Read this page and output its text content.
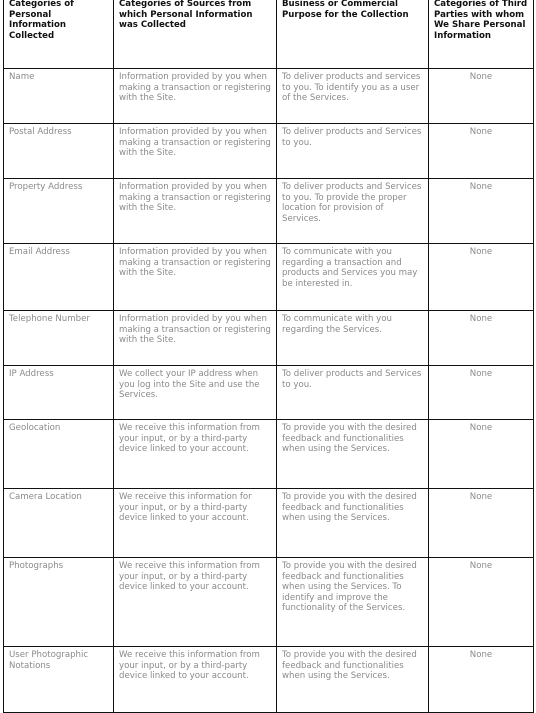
Categories of Personal Information Collected	Categories of Sources from which Personal Information was Collected	Business or Commercial Purpose for the Collection	Categories of Third Parties with whom We Share Personal Information
Name	Information provided by you when making a transaction or registering with the Site.	To deliver products and services to you. To identify you as a user of the Services.	None
Postal Address	Information provided by you when making a transaction or registering with the Site.	To deliver products and Services to you.	None
Property Address	Information provided by you when making a transaction or registering with the Site.	To deliver products and Services to you. To provide the proper location for provision of Services.	None
Email Address	Information provided by you when making a transaction or registering with the Site.	To communicate with you regarding a transaction and products and Services you may be interested in.	None
Telephone Number	Information provided by you when making a transaction or registering with the Site.	To communicate with you regarding the Services.	None
IP Address	We collect your IP address when you log into the Site and use the Services.	To deliver products and Services to you.	None
Geolocation	We receive this information from your input, or by a third-party device linked to your account.	To provide you with the desired feedback and functionalities when using the Services.	None
Camera Location	We receive this information for your input, or by a third-party device linked to your account.	To provide you with the desired feedback and functionalities when using the Services.	None
Photographs	We receive this information from your input, or by a third-party device linked to your account.	To provide you with the desired feedback and functionalities when using the Services. To identify and improve the functionality of the Services.	None
User Photographic Notations	We receive this information from your input, or by a third-party device linked to your account.	To provide you with the desired feedback and functionalities when using the Services.	None
